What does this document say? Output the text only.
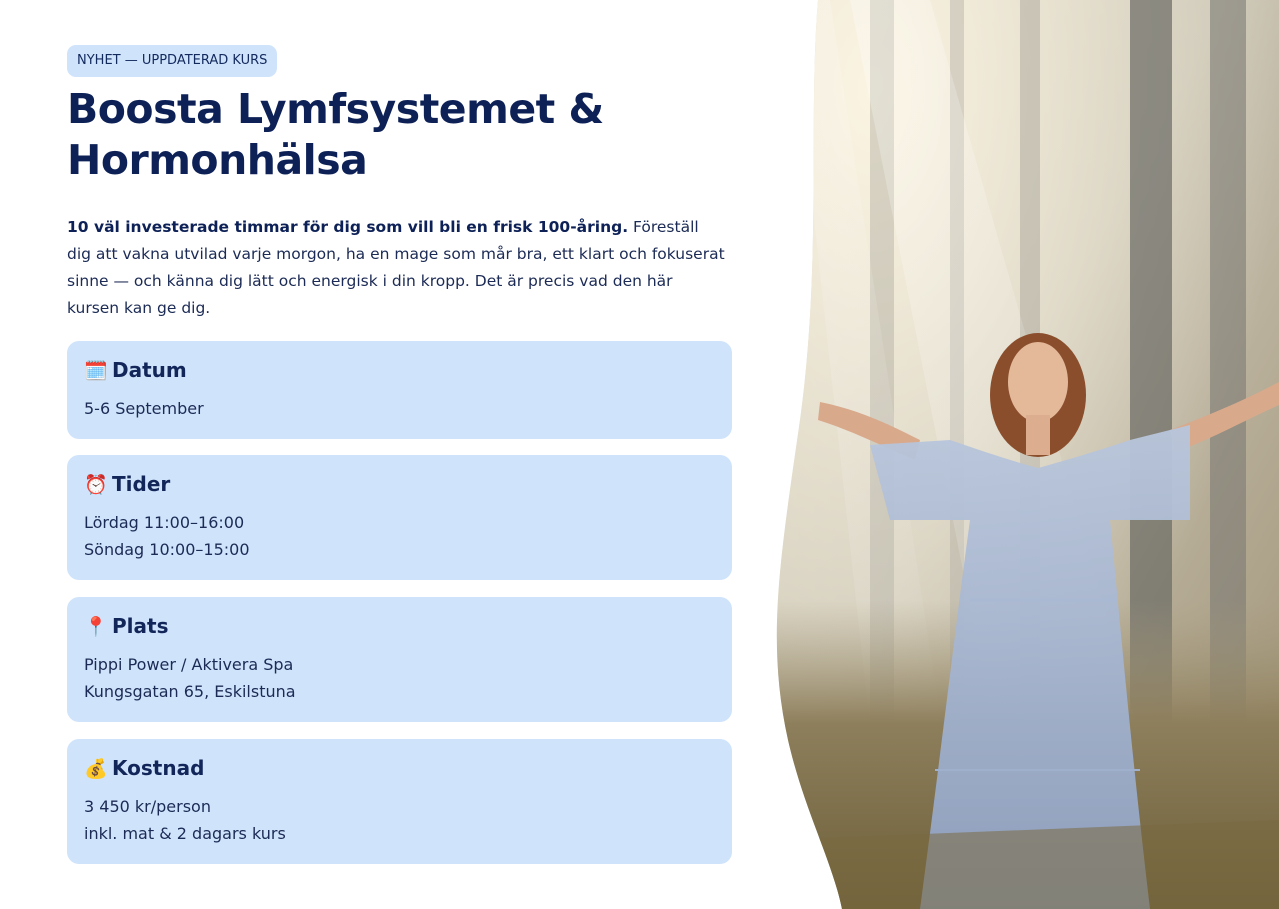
NYHET — UPPDATERAD KURS
Boosta Lymfsystemet & Hormonhälsa

10 väl investerade timmar för dig som vill bli en frisk 100-åring. Föreställ dig att vakna utvilad varje morgon, ha en mage som mår bra, ett klart och fokuserat sinne — och känna dig lätt och energisk i din kropp. Det är precis vad den här kursen kan ge dig.

🗓️ Datum
5-6 September
⏰ Tider
Lördag 11:00–16:00
Söndag 10:00–15:00
📍 Plats
Pippi Power / Aktivera Spa
Kungsgatan 65, Eskilstuna
💰 Kostnad
3 450 kr/person
inkl. mat & 2 dagars kurs
